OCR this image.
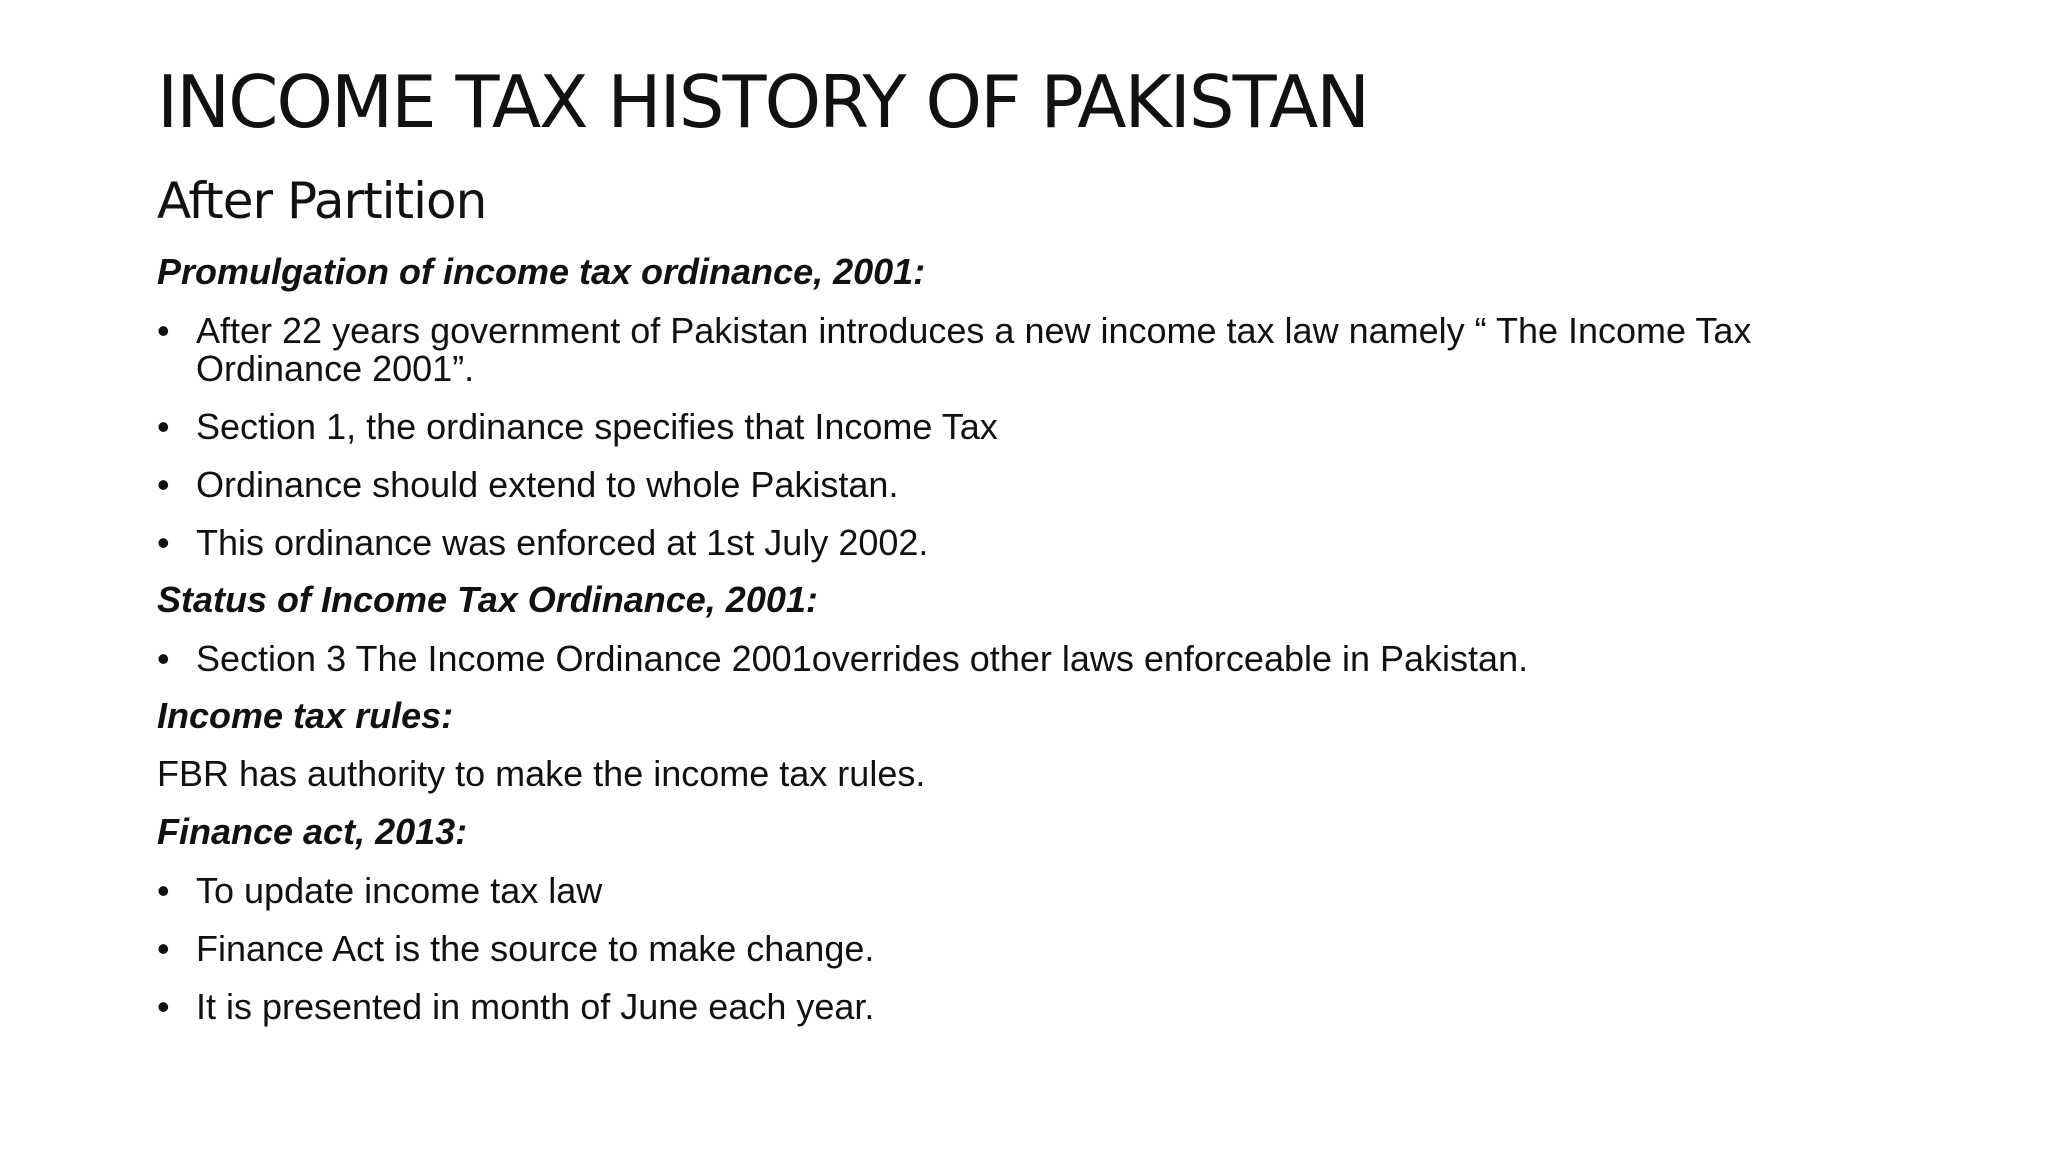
INCOME TAX HISTORY OF PAKISTAN
After Partition
Promulgation of income tax ordinance, 2001:
• After 22 years government of Pakistan introduces a new income tax law namely “ The Income Tax Ordinance 2001”.
• Section 1, the ordinance specifies that Income Tax
• Ordinance should extend to whole Pakistan.
• This ordinance was enforced at 1st July 2002.
Status of Income Tax Ordinance, 2001:
• Section 3 The Income Ordinance 2001overrides other laws enforceable in Pakistan.
Income tax rules:
FBR has authority to make the income tax rules.
Finance act, 2013:
• To update income tax law
• Finance Act is the source to make change.
• It is presented in month of June each year.
